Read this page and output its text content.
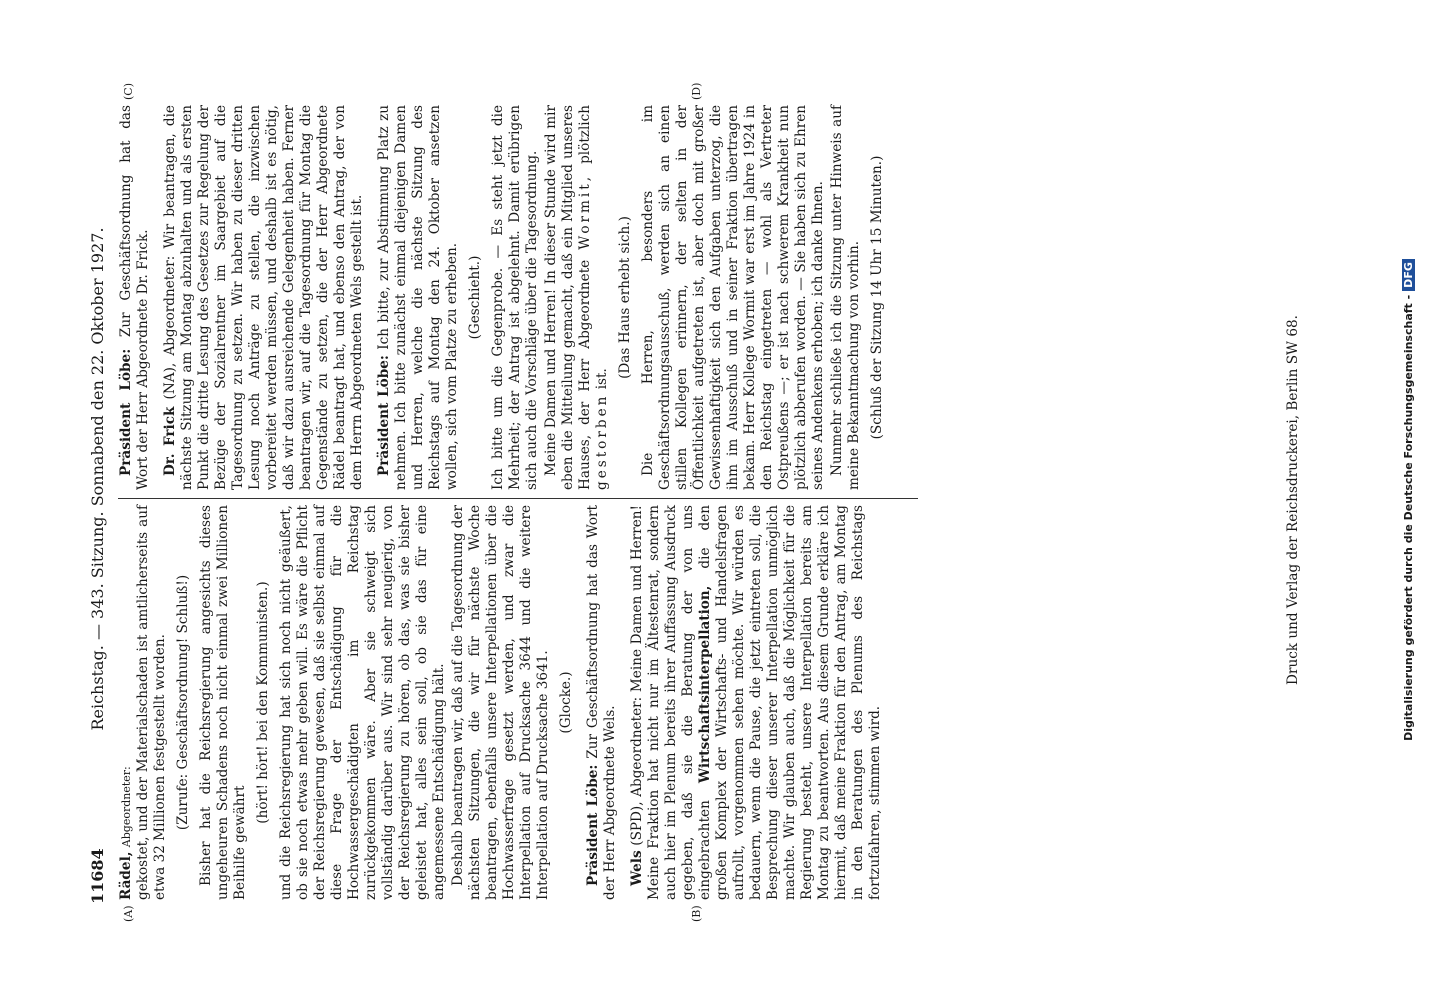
11684
Reichstag. — 343. Sitzung. Sonnabend den 22. Oktober 1927.
(A)	(B)
(C)	(D)

Rädel, Abgeordneter: gekostet, und der Materialschaden ist amtlicherseits auf etwa 32 Millionen festgestellt worden. (Zurufe: Geschäftsordnung! Schluß!) Bisher hat die Reichsregierung angesichts dieses ungeheuren Schadens noch nicht einmal zwei Millionen Beihilfe gewährt

(hört! hört! bei den Kommunisten.) und die Reichsregierung hat sich noch nicht geäußert, ob sie noch etwas mehr geben will. Es wäre die Pflicht der Reichsregierung gewesen, daß sie selbst einmal auf diese Frage der Entschädigung für die Hochwassergeschädigten im Reichstag zurückgekommen wäre. Aber sie schweigt sich vollständig darüber aus. Wir sind sehr neugierig, von der Reichsregierung zu hören, ob das, was sie bisher geleistet hat, alles sein soll, ob sie das für eine angemessene Entschädigung hält. Deshalb beantragen wir, daß auf die Tagesordnung der nächsten Sitzungen, die wir für nächste Woche beantragen, ebenfalls unsere Interpellationen über die Hochwasserfrage gesetzt werden, und zwar die Interpellation auf Drucksache 3644 und die weitere Interpellation auf Drucksache 3641. (Glocke.)

Präsident Löbe: Zur Geschäftsordnung hat das Wort der Herr Abgeordnete Wels. Wels (SPD), Abgeordneter: Meine Damen und Herren! Meine Fraktion hat nicht nur im Ältestenrat, sondern auch hier im Plenum bereits ihrer Auffassung Ausdruck gegeben, daß sie die Beratung der von uns eingebrachten Wirtschaftsinterpellation, die den großen Komplex der Wirtschafts- und Handelsfragen aufrollt, vorgenommen sehen möchte. Wir würden es bedauern, wenn die Pause, die jetzt eintreten soll, die Besprechung dieser unserer Interpellation unmöglich machte. Wir glauben auch, daß die Möglichkeit für die Regierung besteht, unsere Interpellation bereits am Montag zu beantworten. Aus diesem Grunde erkläre ich hiermit, daß meine Fraktion für den Antrag, am Montag in den Beratungen des Plenums des Reichstags fortzufahren, stimmen wird.

Präsident Löbe: Zur Geschäftsordnung hat das Wort der Herr Abgeordnete Dr. Frick. Dr. Frick (NA), Abgeordneter: Wir beantragen, die nächste Sitzung am Montag abzuhalten und als ersten Punkt die dritte Lesung des Gesetzes zur Regelung der Bezüge der Sozialrentner im Saargebiet auf die Tagesordnung zu setzen. Wir haben zu dieser dritten Lesung noch Anträge zu stellen, die inzwischen vorbereitet werden müssen, und deshalb ist es nötig, daß wir dazu ausreichende Gelegenheit haben. Ferner beantragen wir, auf die Tagesordnung für Montag die Gegenstände zu setzen, die der Herr Abgeordnete Rädel beantragt hat, und ebenso den Antrag, der von dem Herrn Abgeordneten Wels gestellt ist. Präsident Löbe: Ich bitte, zur Abstimmung Platz zu nehmen. Ich bitte zunächst einmal diejenigen Damen und Herren, welche die nächste Sitzung des Reichstags auf Montag den 24. Oktober ansetzen wollen, sich vom Platze zu erheben. (Geschieht.) Ich bitte um die Gegenprobe. — Es steht jetzt die Mehrheit; der Antrag ist abgelehnt. Damit erübrigen sich auch die Vorschläge über die Tagesordnung. Meine Damen und Herren! In dieser Stunde wird mir eben die Mitteilung gemacht, daß ein Mitglied unseres Hauses, der Herr Abgeordnete Wormit, plötzlich gestorben ist. (Das Haus erhebt sich.) Die Herren, besonders im Geschäftsordnungsausschuß, werden sich an einen stillen Kollegen erinnern, der selten in der Öffentlichkeit aufgetreten ist, aber doch mit großer Gewissenhaftigkeit sich den Aufgaben unterzog, die ihm im Ausschuß und in seiner Fraktion übertragen bekam. Herr Kollege Wormit war erst im Jahre 1924 in den Reichstag eingetreten — wohl als Vertreter Ostpreußens —; er ist nach schwerem Krankheit nun plötzlich abberufen worden. — Sie haben sich zu Ehren seines Andenkens erhoben; ich danke Ihnen. Nunmehr schließe ich die Sitzung unter Hinweis auf meine Bekanntmachung von vorhin. (Schluß der Sitzung 14 Uhr 15 Minuten.)

Druck und Verlag der Reichsdruckerei, Berlin SW 68.	Digitalisierung gefördert durch die Deutsche Forschungsgemeinschaft -DFG
